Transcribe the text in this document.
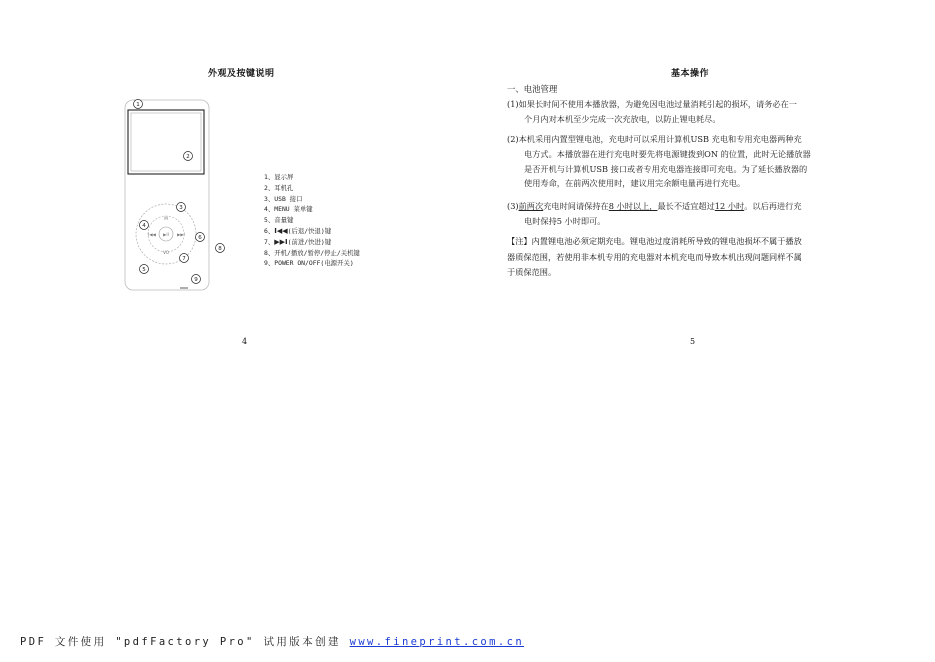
外观及按键说明
1
2
3
4
5
6
7
8
9
M
VO
I◀◀	▶▶I
▶II
1、显示屏
2、耳机孔
3、USB 接口
4、MENU 菜单键
5、音量键
6、I◀◀(后退/快退)键
7、▶▶I(前进/快进)键
8、开机/播放/暂停/停止/关机键
9、POWER ON/OFF(电源开关)
4
基本操作
一、电池管理
(1)如果长时间不使用本播放器，为避免因电池过量消耗引起的损坏，请务必在一
个月内对本机至少完成一次充放电，以防止锂电耗尽。
(2)本机采用内置型锂电池，充电时可以采用计算机USB 充电和专用充电器两种充
电方式。本播放器在进行充电时要先将电源键拨到ON 的位置，此时无论播放器
是否开机与计算机USB 接口或者专用充电器连接即可充电。为了延长播放器的
使用寿命，在前两次使用时，建议用完余额电量再进行充电。
(3)前两次充电时间请保持在8 小时以上，最长不适宜超过12 小时。以后再进行充
电时保持5 小时即可。
【注】内置锂电池必须定期充电。锂电池过度消耗所导致的锂电池损坏不属于播放
器质保范围，若使用非本机专用的充电器对本机充电而导致本机出现问题同样不属
于质保范围。
5
PDF 文件使用 "pdfFactory Pro" 试用版本创建 www.fineprint.com.cn
